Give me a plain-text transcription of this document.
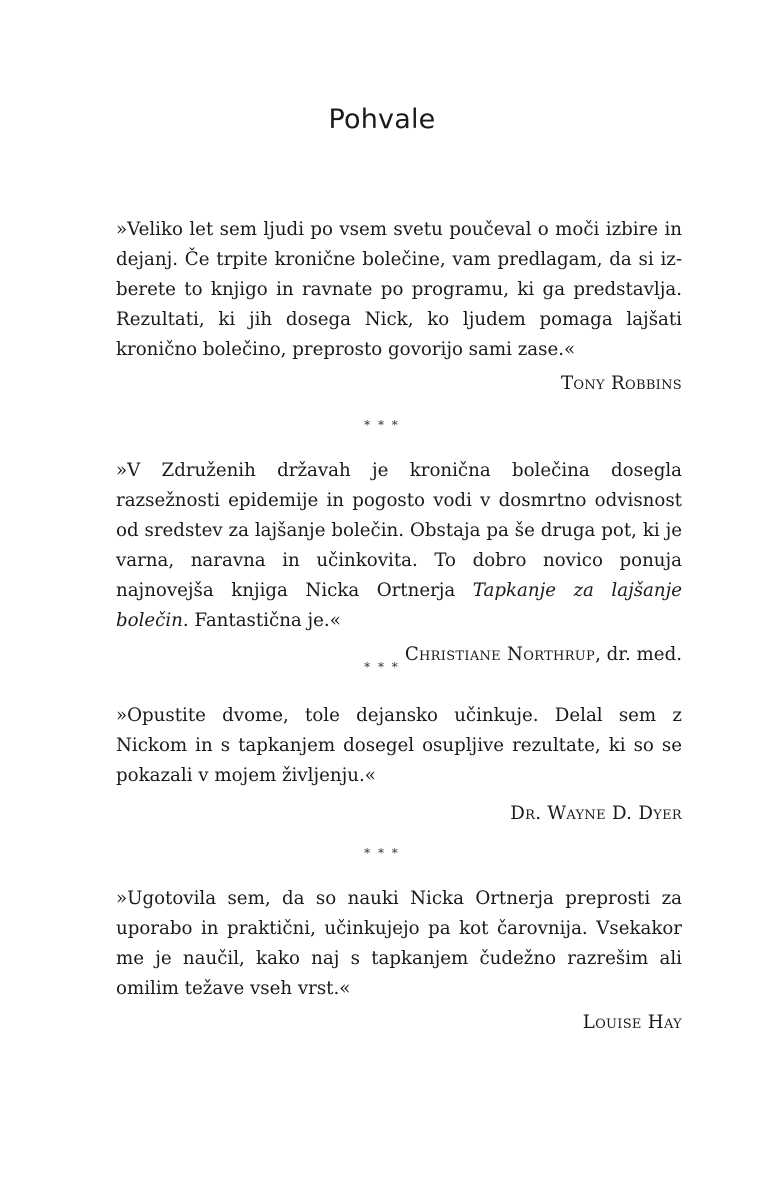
Pohvale

»Veliko let sem ljudi po vsem svetu poučeval o moči izbire in dejanj. Če trpite kronične bolečine, vam predlagam, da si izberete to knjigo in ravnate po programu, ki ga predstavlja. Rezultati, ki jih dosega Nick, ko ljudem pomaga lajšati kronično bolečino, preprosto govorijo sami zase.«

Tony Robbins
* * *

»V Združenih državah je kronična bolečina dosegla razsežnosti epidemije in pogosto vodi v dosmrtno odvisnost od sredstev za lajšanje bolečin. Obstaja pa še druga pot, ki je varna, naravna in učinkovita. To dobro novico ponuja najnovejša knjiga Nicka Ortnerja Tapkanje za lajšanje bolečin. Fantastična je.«

Christiane Northrup, dr. med.
* * *

»Opustite dvome, tole dejansko učinkuje. Delal sem z Nickom in s tapkanjem dosegel osupljive rezultate, ki so se pokazali v mojem življenju.«

Dr. Wayne D. Dyer
* * *

»Ugotovila sem, da so nauki Nicka Ortnerja preprosti za uporabo in praktični, učinkujejo pa kot čarovnija. Vsekakor me je naučil, kako naj s tapkanjem čudežno razrešim ali omilim težave vseh vrst.«

Louise Hay
